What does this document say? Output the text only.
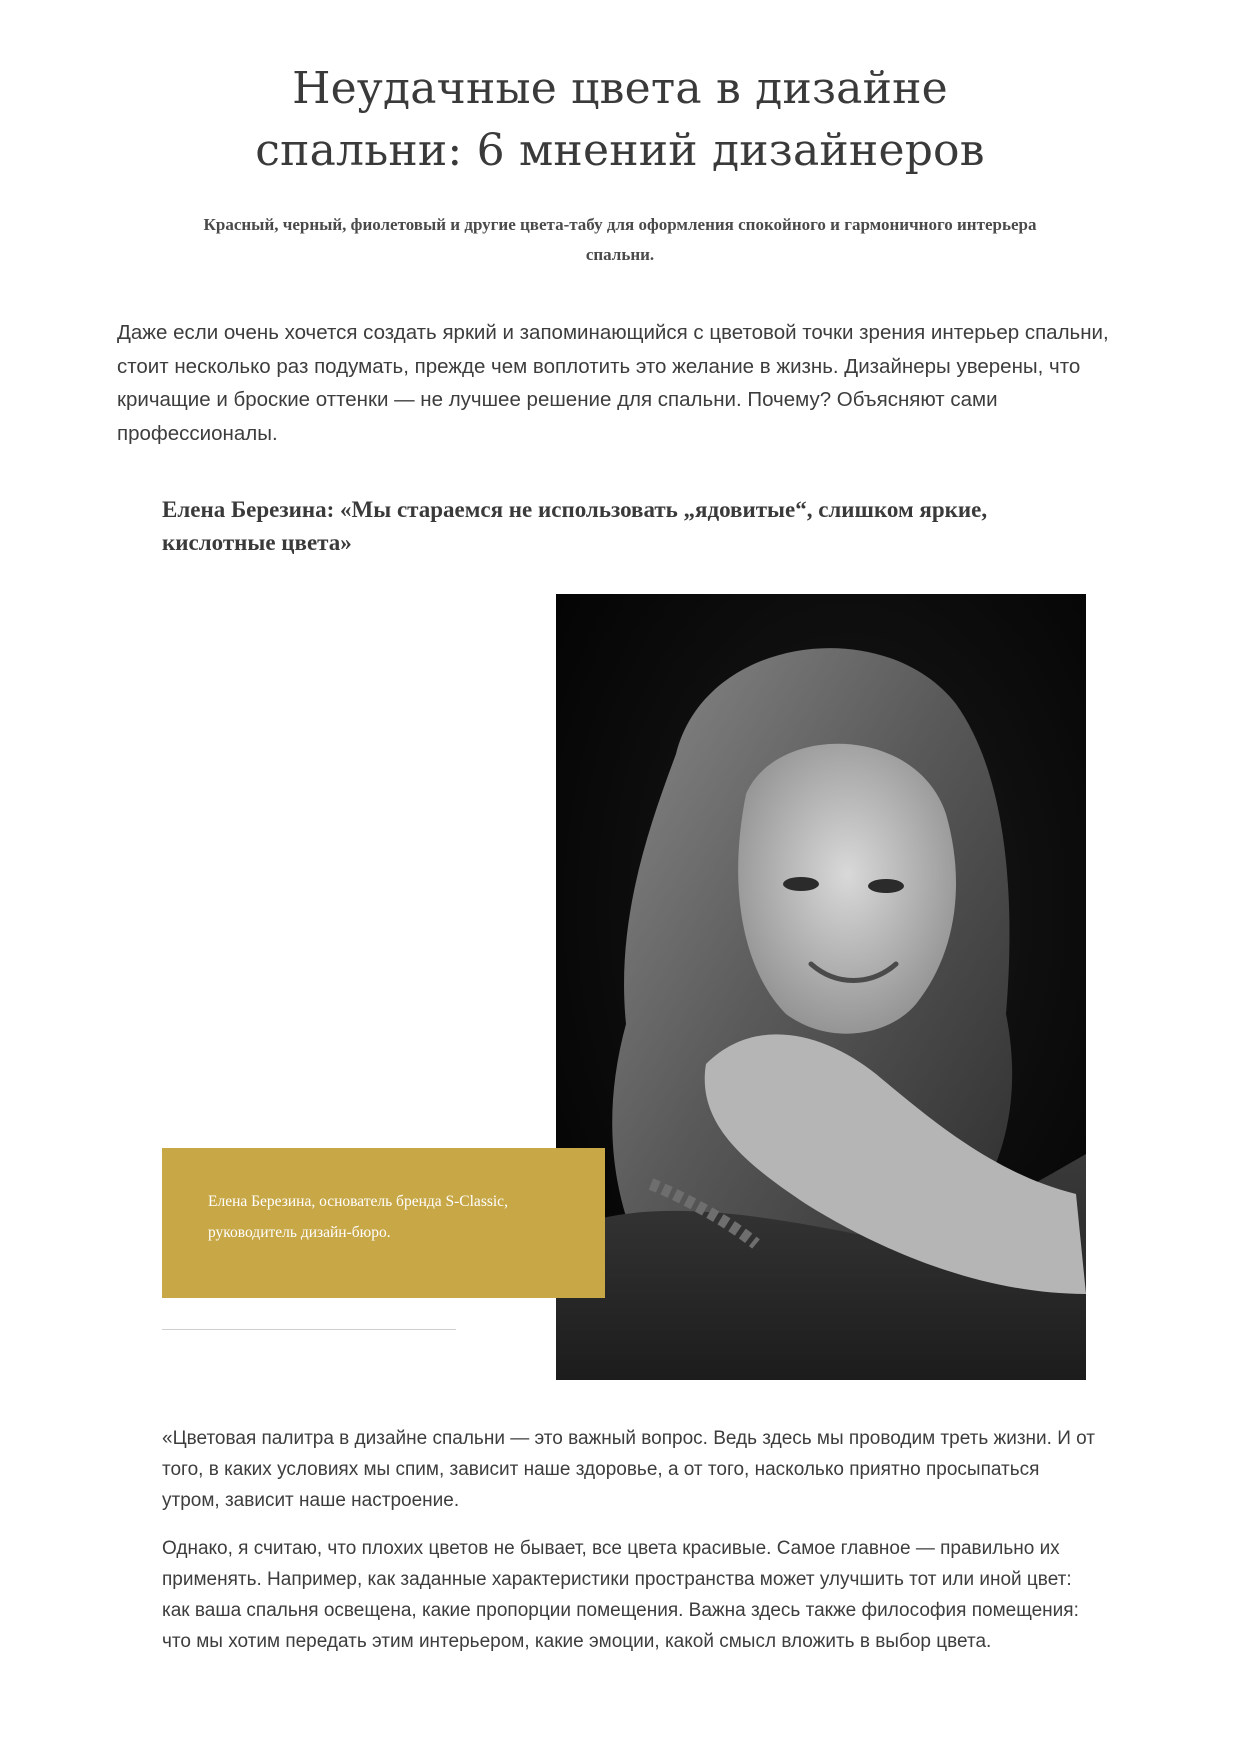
Неудачные цвета в дизайне
спальни: 6 мнений дизайнеров

Красный, черный, фиолетовый и другие цвета-табу для оформления спокойного и гармоничного интерьера спальни.

Даже если очень хочется создать яркий и запоминающийся с цветовой точки зрения интерьер спальни, стоит несколько раз подумать, прежде чем воплотить это желание в жизнь. Дизайнеры уверены, что кричащие и броские оттенки — не лучшее решение для спальни. Почему? Объясняют сами профессионалы.

Елена Березина: «Мы стараемся не использовать „ядовитые“, слишком яркие, кислотные цвета»

Елена Березина, основатель бренда S-Classic,
руководитель дизайн-бюро.

«Цветовая палитра в дизайне спальни — это важный вопрос. Ведь здесь мы проводим треть жизни. И от того, в каких условиях мы спим, зависит наше здоровье, а от того, насколько приятно просыпаться утром, зависит наше настроение.

Однако, я считаю, что плохих цветов не бывает, все цвета красивые. Самое главное — правильно их применять. Например, как заданные характеристики пространства может улучшить тот или иной цвет: как ваша спальня освещена, какие пропорции помещения. Важна здесь также философия помещения: что мы хотим передать этим интерьером, какие эмоции, какой смысл вложить в выбор цвета.
